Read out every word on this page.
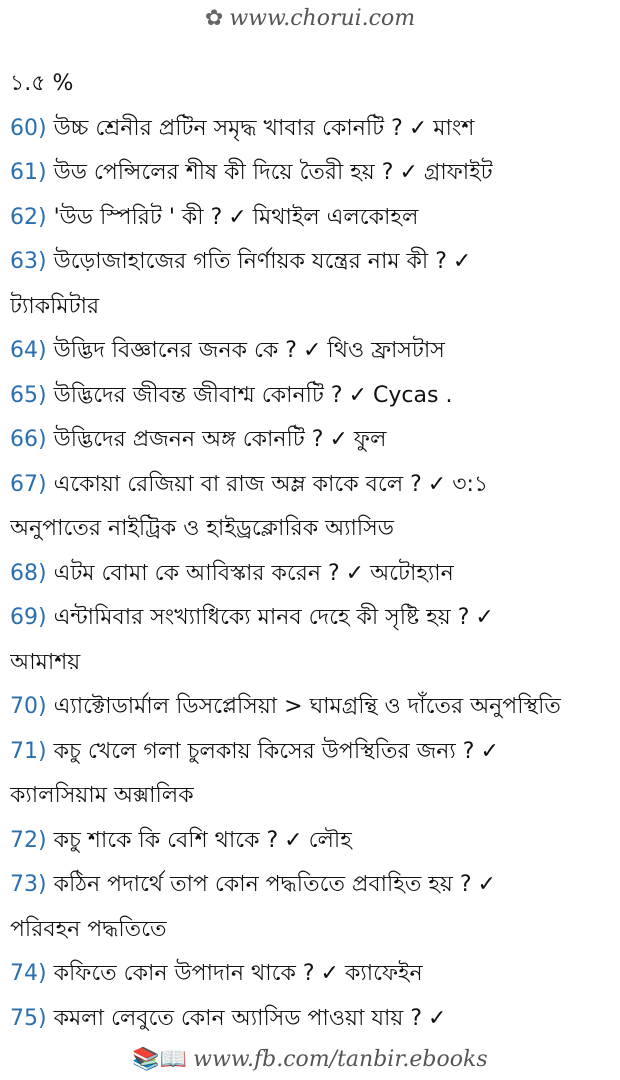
✿ www.chorui.com
১.৫ %
60) উচ্চ শ্রেনীর প্রটিন সমৃদ্ধ খাবার কোনটি ? ✓ মাংশ
61) উড পেন্সিলের শীষ কী দিয়ে তৈরী হয় ? ✓ গ্রাফাইট
62) 'উড স্পিরিট ' কী ? ✓ মিথাইল এলকোহল
63) উড়োজাহাজের গতি নির্ণায়ক যন্ত্রের নাম কী ? ✓
ট্যাকমিটার
64) উদ্ভিদ বিজ্ঞানের জনক কে ? ✓ থিও ফ্রাসটাস
65) উদ্ভিদের জীবন্ত জীবাশ্ম কোনটি ? ✓ Cycas .
66) উদ্ভিদের প্রজনন অঙ্গ কোনটি ? ✓ ফুল
67) একোয়া রেজিয়া বা রাজ অম্ল কাকে বলে ? ✓ ৩:১
অনুপাতের নাইট্রিক ও হাইড্রক্লোরিক অ্যাসিড
68) এটম বোমা কে আবিস্কার করেন ? ✓ অটোহ্যান
69) এন্টামিবার সংখ্যাধিক্যে মানব দেহে কী সৃষ্টি হয় ? ✓
আমাশয়
70) এ্যাক্টোডার্মাল ডিসপ্লেসিয়া > ঘামগ্রন্থি ও দাঁতের অনুপস্থিতি
71) কচু খেলে গলা চুলকায় কিসের উপস্থিতির জন্য ? ✓
ক্যালসিয়াম অক্সালিক
72) কচু শাকে কি বেশি থাকে ? ✓ লৌহ
73) কঠিন পদার্থে তাপ কোন পদ্ধতিতে প্রবাহিত হয় ? ✓
পরিবহন পদ্ধতিতে
74) কফিতে কোন উপাদান থাকে ? ✓ ক্যাফেইন
75) কমলা লেবুতে কোন অ্যাসিড পাওয়া যায় ? ✓
📚📖 www.fb.com/tanbir.ebooks
